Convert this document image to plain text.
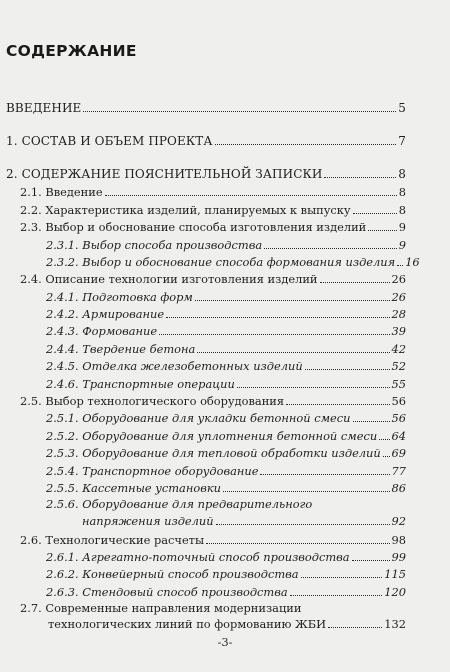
СОДЕРЖАНИЕ
ВВЕДЕНИЕ	5
1. СОСТАВ И ОБЪЕМ ПРОЕКТА	7
2. СОДЕРЖАНИЕ ПОЯСНИТЕЛЬНОЙ ЗАПИСКИ	8
2.1. Введение	8
2.2. Характеристика изделий, планируемых к выпуску	8
2.3. Выбор и обоснование способа изготовления изделий	9
2.3.1. Выбор способа производства	9
2.3.2. Выбор и обоснование способа формования изделия 16
2.4. Описание технологии изготовления изделий	26
2.4.1. Подготовка форм	26
2.4.2. Армирование	28
2.4.3. Формование	39
2.4.4. Твердение бетона	42
2.4.5. Отделка железобетонных изделий	52
2.4.6. Транспортные операции	55
2.5. Выбор технологического оборудования	56
2.5.1. Оборудование для укладки бетонной смеси	56
2.5.2. Оборудование для уплотнения бетонной смеси 64
2.5.3. Оборудование для тепловой обработки изделий 69
2.5.4. Транспортное оборудование	77
2.5.5. Кассетные установки	86
2.5.6. Оборудование для предварительного
напряжения изделий	92
2.6. Технологические расчеты	98
2.6.1. Агрегатно-поточный способ производства	99
2.6.2. Конвейерный способ производства	115
2.6.3. Стендовый способ производства	120
2.7. Современные направления модернизации
технологических линий по формованию ЖБИ	132
-3-
